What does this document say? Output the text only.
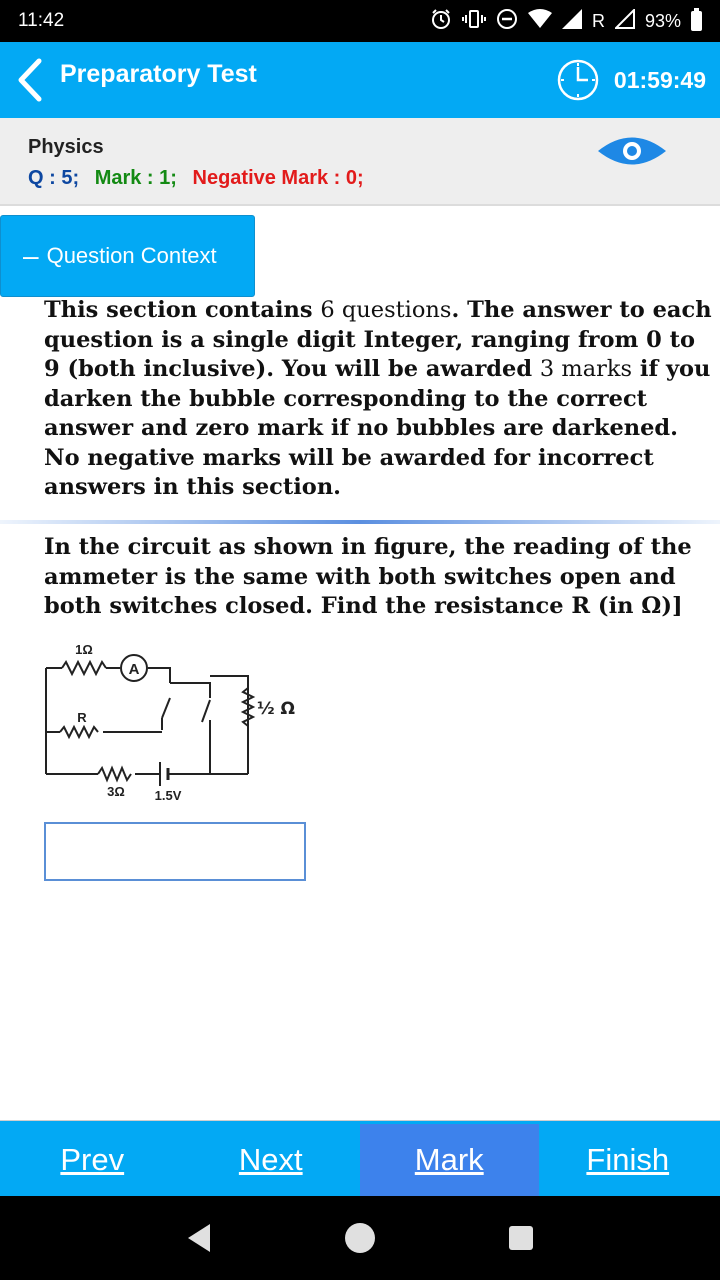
11:42	R 93%
Preparatory Test	01:59:49
Physics
Q : 5; Mark : 1; Negative Mark : 0;
– Question Context
This section contains 6 questions. The answer to each question is a single digit Integer, ranging from 0 to 9 (both inclusive). You will be awarded 3 marks if you darken the bubble corresponding to the correct answer and zero mark if no bubbles are darkened. No negative marks will be awarded for incorrect answers in this section.
In the circuit as shown in figure, the reading of the ammeter is the same with both switches open and both switches closed. Find the resistance R (in Ω)]
A
1Ω
R
3Ω 1.5V
½ Ω
Prev	Next	Mark	Finish
